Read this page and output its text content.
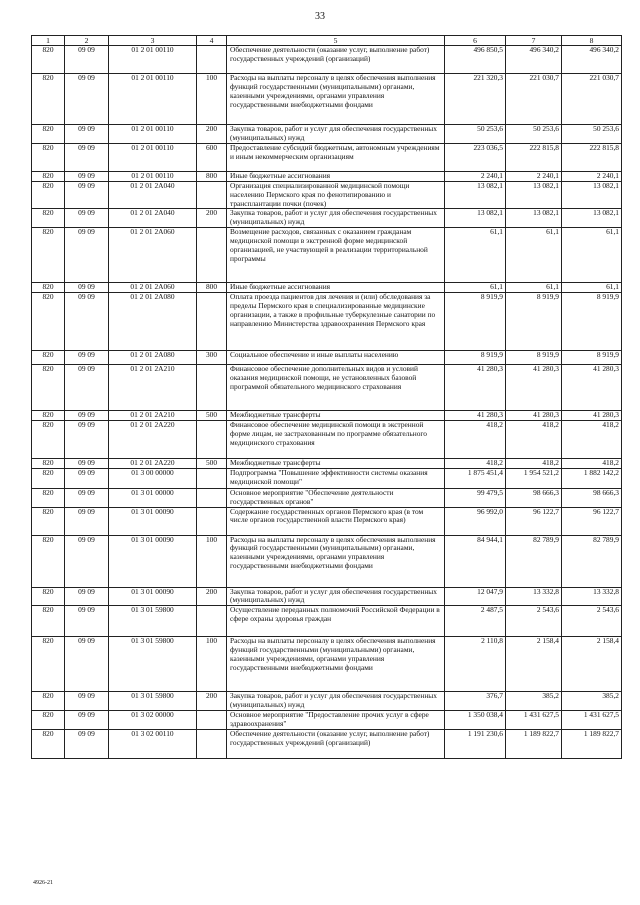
33
1	2	3	4	5	6	7	8
820	09 09	01 2 01 00110		Обеспечение деятельности (оказание услуг, выполнение работ) государственных учреждений (организаций)	496 850,5	496 340,2	496 340,2
820	09 09	01 2 01 00110	100	Расходы на выплаты персоналу в целях обеспечения выполнения функций государственными (муниципальными) органами, казенными учреждениями, органами управления государственными внебюджетными фондами	221 320,3	221 030,7	221 030,7
820	09 09	01 2 01 00110	200	Закупка товаров, работ и услуг для обеспечения государственных (муниципальных) нужд	50 253,6	50 253,6	50 253,6
820	09 09	01 2 01 00110	600	Предоставление субсидий бюджетным, автономным учреждениям и иным некоммерческим организациям	223 036,5	222 815,8	222 815,8
820	09 09	01 2 01 00110	800	Иные бюджетные ассигнования	2 240,1	2 240,1	2 240,1
820	09 09	01 2 01 2А040		Организация специализированной медицинской помощи населению Пермского края по фенотипированию и трансплантации почки (почек)	13 082,1	13 082,1	13 082,1
820	09 09	01 2 01 2А040	200	Закупка товаров, работ и услуг для обеспечения государственных (муниципальных) нужд	13 082,1	13 082,1	13 082,1
820	09 09	01 2 01 2А060		Возмещение расходов, связанных с оказанием гражданам медицинской помощи в экстренной форме медицинской организацией, не участвующей в реализации территориальной программы	61,1	61,1	61,1
820	09 09	01 2 01 2А060	800	Иные бюджетные ассигнования	61,1	61,1	61,1
820	09 09	01 2 01 2А080		Оплата проезда пациентов для лечения и (или) обследования за пределы Пермского края в специализированные медицинские организации, а также в профильные туберкулезные санатории по направлению Министерства здравоохранения Пермского края	8 919,9	8 919,9	8 919,9
820	09 09	01 2 01 2А080	300	Социальное обеспечение и иные выплаты населению	8 919,9	8 919,9	8 919,9
820	09 09	01 2 01 2А210		Финансовое обеспечение дополнительных видов и условий оказания медицинской помощи, не установленных базовой программой обязательного медицинского страхования	41 280,3	41 280,3	41 280,3
820	09 09	01 2 01 2А210	500	Межбюджетные трансферты	41 280,3	41 280,3	41 280,3
820	09 09	01 2 01 2А220		Финансовое обеспечение медицинской помощи в экстренной форме лицам, не застрахованным по программе обязательного медицинского страхования	418,2	418,2	418,2
820	09 09	01 2 01 2А220	500	Межбюджетные трансферты	418,2	418,2	418,2
820	09 09	01 3 00 00000		Подпрограмма "Повышение эффективности системы оказания медицинской помощи"	1 875 451,4	1 954 521,2	1 882 142,2
820	09 09	01 3 01 00000		Основное мероприятие "Обеспечение деятельности государственных органов"	99 479,5	98 666,3	98 666,3
820	09 09	01 3 01 00090		Содержание государственных органов Пермского края (в том числе органов государственной власти Пермского края)	96 992,0	96 122,7	96 122,7
820	09 09	01 3 01 00090	100	Расходы на выплаты персоналу в целях обеспечения выполнения функций государственными (муниципальными) органами, казенными учреждениями, органами управления государственными внебюджетными фондами	84 944,1	82 789,9	82 789,9
820	09 09	01 3 01 00090	200	Закупка товаров, работ и услуг для обеспечения государственных (муниципальных) нужд	12 047,9	13 332,8	13 332,8
820	09 09	01 3 01 59800		Осуществление переданных полномочий Российской Федерации в сфере охраны здоровья граждан	2 487,5	2 543,6	2 543,6
820	09 09	01 3 01 59800	100	Расходы на выплаты персоналу в целях обеспечения выполнения функций государственными (муниципальными) органами, казенными учреждениями, органами управления государственными внебюджетными фондами	2 110,8	2 158,4	2 158,4
820	09 09	01 3 01 59800	200	Закупка товаров, работ и услуг для обеспечения государственных (муниципальных) нужд	376,7	385,2	385,2
820	09 09	01 3 02 00000		Основное мероприятие "Предоставление прочих услуг в сфере здравоохранения"	1 350 038,4	1 431 627,5	1 431 627,5
820	09 09	01 3 02 00110		Обеспечение деятельности (оказание услуг, выполнение работ) государственных учреждений (организаций)	1 191 230,6	1 189 822,7	1 189 822,7
4926-21
